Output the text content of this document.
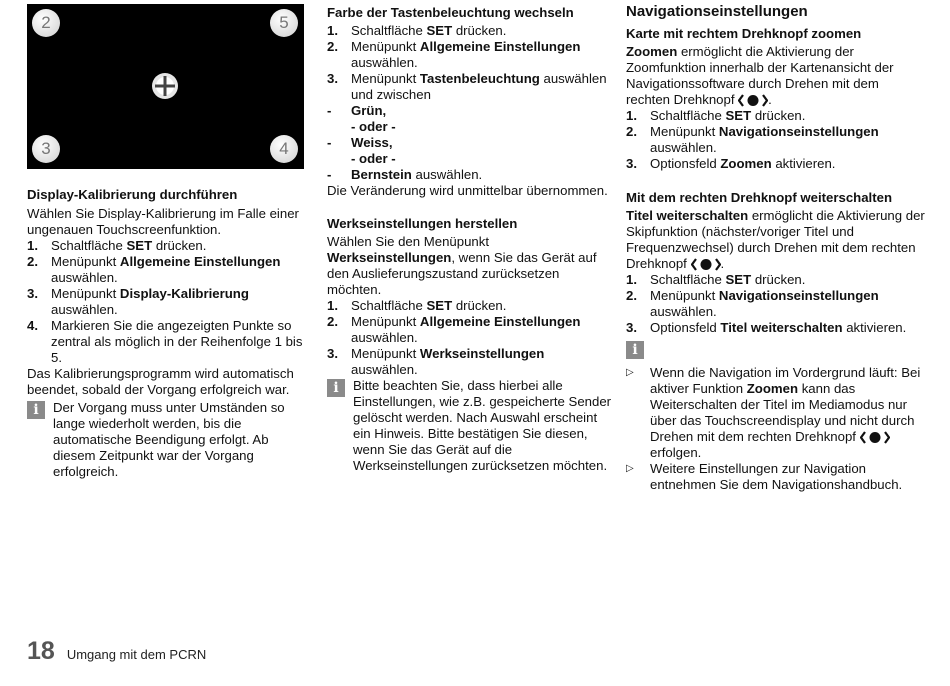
2	5
3	4

Display-Kalibrierung durchführen

Wählen Sie Display-Kalibrierung im Falle einer ungenauen Touchscreenfunktion.

1. Schaltfläche SET drücken.
2. Menüpunkt Allgemeine Einstellungen auswählen.
3. Menüpunkt Display-Kalibrierung auswählen.
4. Markieren Sie die angezeigten Punkte so zentral als möglich in der Reihenfolge 1 bis 5.

Das Kalibrierungsprogramm wird automatisch beendet, sobald der Vorgang erfolgreich war.

i	Der Vorgang muss unter Umständen so lange wiederholt werden, bis die automatische Beendigung erfolgt. Ab diesem Zeitpunkt war der Vorgang erfolgreich.

Farbe der Tastenbeleuchtung wechseln

1. Schaltfläche SET drücken.
2. Menüpunkt Allgemeine Einstellungen auswählen.
3. Menüpunkt Tastenbeleuchtung auswählen und zwischen
-	Grün,
- oder -
-	Weiss,
- oder -
-	Bernstein auswählen.

Die Veränderung wird unmittelbar übernommen.

Werkseinstellungen herstellen

Wählen Sie den Menüpunkt Werkseinstellungen, wenn Sie das Gerät auf den Auslieferungszustand zurücksetzen möchten.

1. Schaltfläche SET drücken.
2. Menüpunkt Allgemeine Einstellungen auswählen.
3. Menüpunkt Werkseinstellungen auswählen.
i	Bitte beachten Sie, dass hierbei alle Einstellungen, wie z.B. gespeicherte Sender gelöscht werden. Nach Auswahl erscheint ein Hinweis. Bitte bestätigen Sie diesen, wenn Sie das Gerät auf die Werkseinstellungen zurücksetzen möchten.

Navigationseinstellungen

Karte mit rechtem Drehknopf zoomen

Zoomen ermöglicht die Aktivierung der Zoomfunktion innerhalb der Kartenansicht der Navigationssoftware durch Drehen mit dem rechten Drehknopf	.

1. Schaltfläche SET drücken.
2. Menüpunkt Navigationseinstellungen auswählen.
3. Optionsfeld Zoomen aktivieren.

Mit dem rechten Drehknopf weiterschalten

Titel weiterschalten ermöglicht die Aktivierung der Skipfunktion (nächster/voriger Titel und Frequenzwechsel) durch Drehen mit dem rechten Drehknopf	.

1. Schaltfläche SET drücken.
2. Menüpunkt Navigationseinstellungen auswählen.
3. Optionsfeld Titel weiterschalten aktivieren.
i
▷	Wenn die Navigation im Vordergrund läuft: Bei aktiver Funktion Zoomen kann das Weiterschalten der Titel im Mediamodus nur über das Touchscreendisplay und nicht durch Drehen mit dem rechten Drehknopf  erfolgen.
▷	Weitere Einstellungen zur Navigation entnehmen Sie dem Navigationshandbuch.
18 Umgang mit dem PCRN
